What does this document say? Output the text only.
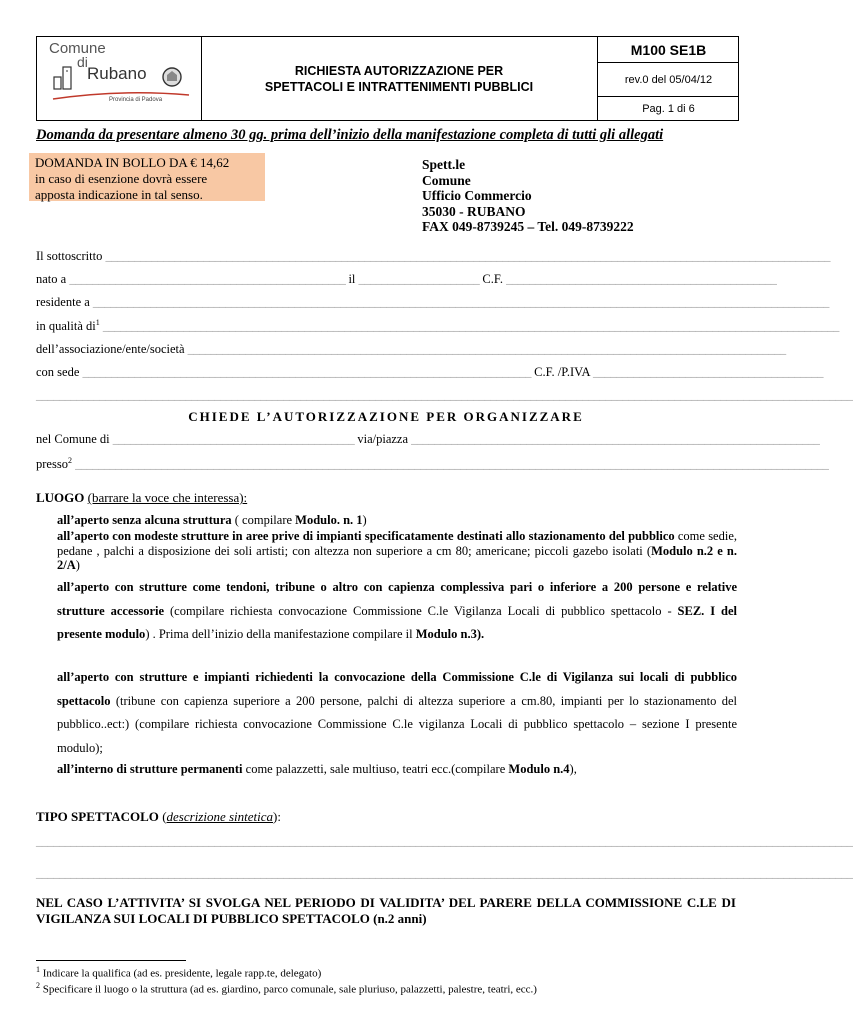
Comune
di
Rubano
Provincia di Padova
RICHIESTA AUTORIZZAZIONE PER
SPETTACOLI E INTRATTENIMENTI PUBBLICI
M100 SE1B
rev.0 del 05/04/12
Pag. 1 di 6
Domanda da presentare almeno 30 gg. prima dell’inizio della manifestazione completa di tutti gli allegati
DOMANDA IN BOLLO DA € 14,62
in caso di esenzione dovrà essere
apposta indicazione in tal senso.
Spett.le
Comune
Ufficio Commercio
35030 - RUBANO
FAX 049-8739245 – Tel. 049-8739222
Il sottoscritto ______________________________________________________________________________________________________________________________
nato a ________________________________________________ il _____________________ C.F. _______________________________________________
residente a ________________________________________________________________________________________________________________________________
in qualità $di^1$ ________________________________________________________________________________________________________________________________
dell’associazione/ente/società ________________________________________________________________________________________________________
con sede ______________________________________________________________________________ C.F. /P.IVA ________________________________________
______________________________________________________________________________________________________________________________________________
CHIEDE L’AUTORIZZAZIONE PER ORGANIZZARE
nel Comune di __________________________________________ via/piazza _______________________________________________________________________
presso$^2$ ___________________________________________________________________________________________________________________________________
LUOGO (barrare la voce che interessa):

all’aperto senza alcuna struttura ( compilare Modulo. n. 1)

all’aperto con modeste strutture in aree prive di impianti specificatamente destinati allo stazionamento del pubblico come sedie, pedane , palchi a disposizione dei soli artisti; con altezza non superiore a cm 80; americane; piccoli gazebo isolati (Modulo n.2 e n. 2/A)

all’aperto con strutture come tendoni, tribune o altro con capienza complessiva pari o inferiore a 200 persone e relative strutture accessorie (compilare richiesta convocazione Commissione C.le Vigilanza Locali di pubblico spettacolo - SEZ. I del presente modulo) . Prima dell’inizio della manifestazione compilare il Modulo n.3).

all’aperto con strutture e impianti richiedenti la convocazione della Commissione C.le di Vigilanza sui locali di pubblico spettacolo (tribune con capienza superiore a 200 persone, palchi di altezza superiore a cm.80, impianti per lo stazionamento del pubblico..ect:) (compilare richiesta convocazione Commissione C.le vigilanza Locali di pubblico spettacolo – sezione I presente modulo);

all’interno di strutture permanenti come palazzetti, sale multiuso, teatri ecc.(compilare Modulo n.4),

TIPO SPETTACOLO (descrizione sintetica):
______________________________________________________________________________________________________________________________________________
______________________________________________________________________________________________________________________________________________
NEL CASO L’ATTIVITA’ SI SVOLGA NEL PERIODO DI VALIDITA’ DEL PARERE DELLA COMMISSIONE C.LE DI VIGILANZA SUI LOCALI DI PUBBLICO SPETTACOLO (n.2 anni)
$^1$ Indicare la qualifica (ad es. presidente, legale rapp.te, delegato)
$^2$ Specificare il luogo o la struttura (ad es. giardino, parco comunale, sale pluriuso, palazzetti, palestre, teatri, ecc.)
